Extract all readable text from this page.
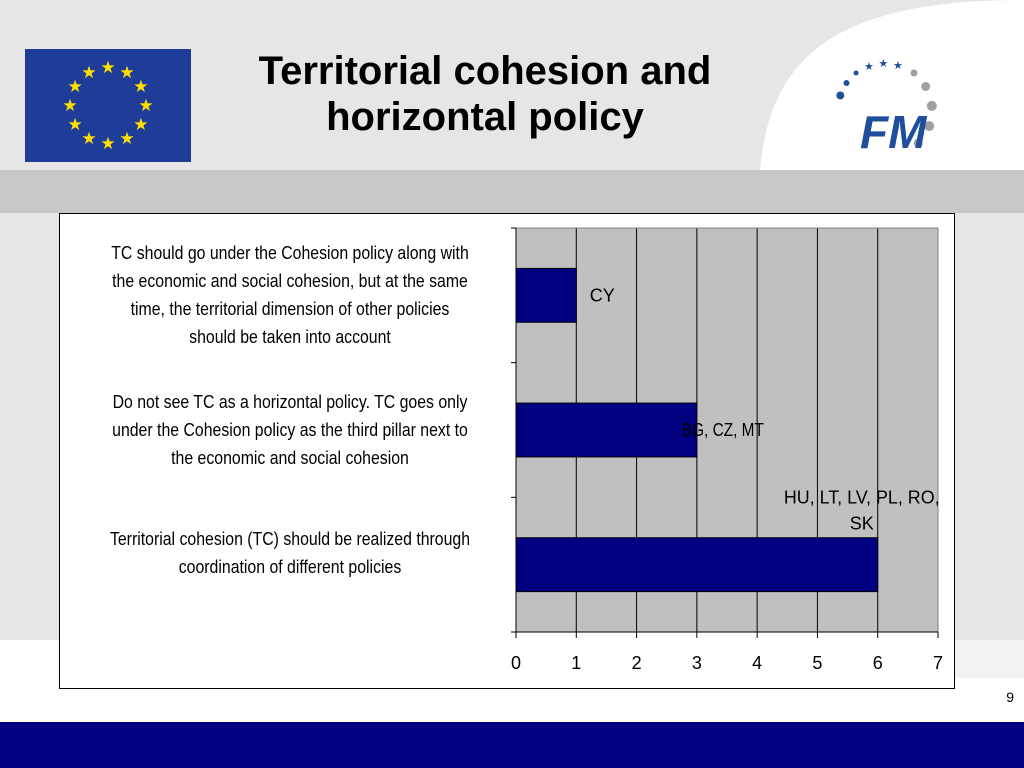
★ ★
★
★
★
★
★
★
★
★
★
★	★ ★ ★
FM
Territorial cohesion and
horizontal policy
CY
BG, CZ, MT
HU, LT, LV, PL, RO,
SK
0	1	2	3	4	5	6	7
TC should go under the Cohesion policy along with
the economic and social cohesion, but at the same
time, the territorial dimension of other policies
should be taken into account
Do not see TC as a horizontal policy. TC goes only
under the Cohesion policy as the third pillar next to
the economic and social cohesion
Territorial cohesion (TC) should be realized through
coordination of different policies
9
